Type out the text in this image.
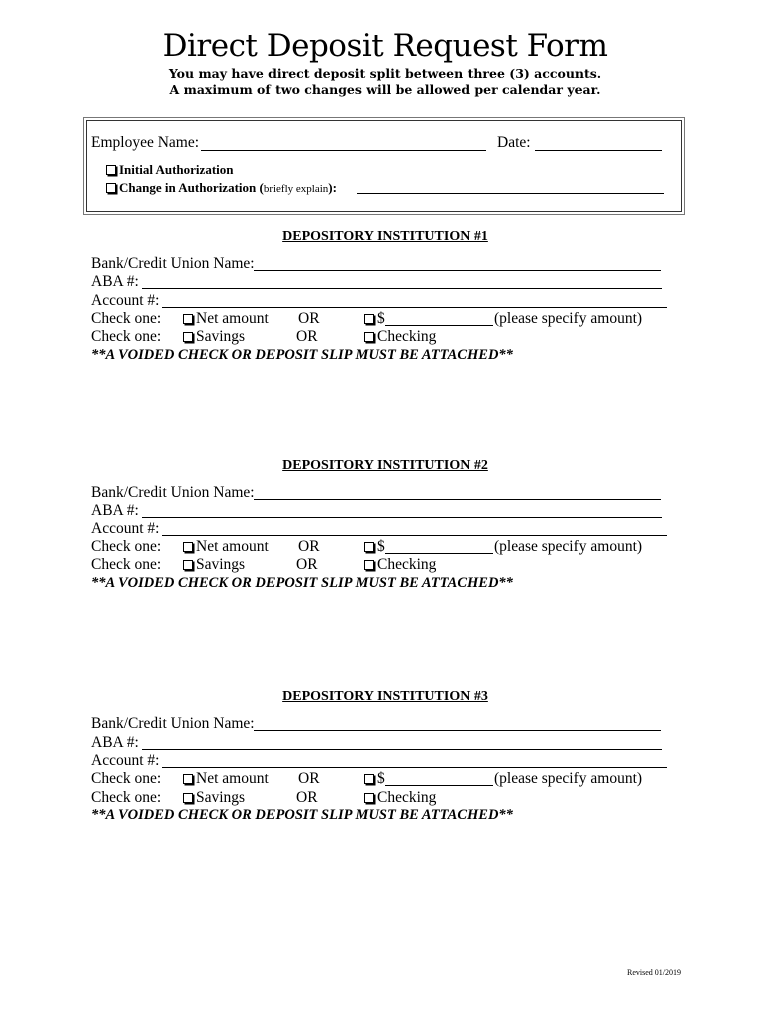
Direct Deposit Request Form
You may have direct deposit split between three (3) accounts.
A maximum of two changes will be allowed per calendar year.
Employee Name:	Date:
Initial Authorization
Change in Authorization (briefly explain):
DEPOSITORY INSTITUTION #1
Bank/Credit Union Name:
ABA #:
Account #:
Check one:	Net amount OR	$	(please specify amount)
Check one:	Savings	OR	Checking
**A VOIDED CHECK OR DEPOSIT SLIP MUST BE ATTACHED**
DEPOSITORY INSTITUTION #2
Bank/Credit Union Name:
ABA #:
Account #:
Check one:	Net amount OR	$	(please specify amount)
Check one:	Savings	OR	Checking
**A VOIDED CHECK OR DEPOSIT SLIP MUST BE ATTACHED**
DEPOSITORY INSTITUTION #3
Bank/Credit Union Name:
ABA #:
Account #:
Check one:	Net amount OR	$	(please specify amount)
Check one:	Savings	OR	Checking
**A VOIDED CHECK OR DEPOSIT SLIP MUST BE ATTACHED**
Revised 01/2019
